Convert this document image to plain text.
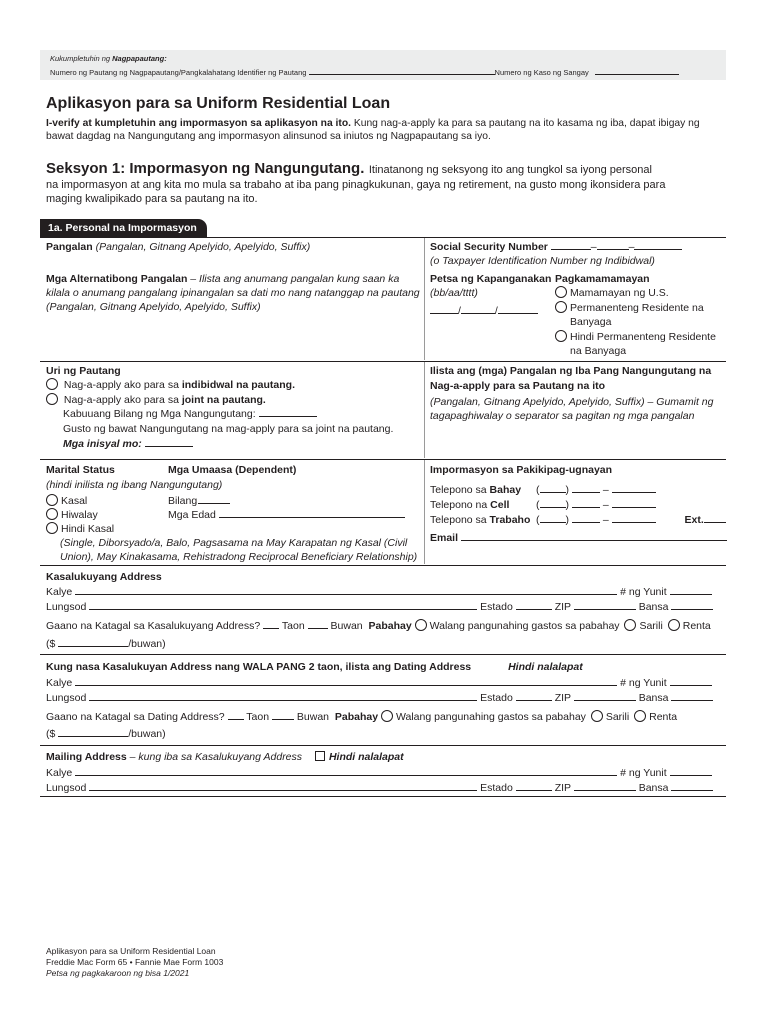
Kukumpletuhin ng Nagpapautang:
Numero ng Pautang ng Nagpapautang/Pangkalahatang Identifier ng Pautang	Numero ng Kaso ng Sangay
Aplikasyon para sa Uniform Residential Loan
I-verify at kumpletuhin ang impormasyon sa aplikasyon na ito. Kung nag-a-apply ka para sa pautang na ito kasama ng iba, dapat ibigay ng
bawat dagdag na Nangungutang ang impormasyon alinsunod sa iniutos ng Nagpapautang sa iyo.
Seksyon 1: Impormasyon ng Nangungutang. Itinatanong ng seksyong ito ang tungkol sa iyong personal
na impormasyon at ang kita mo mula sa trabaho at iba pang pinagkukunan, gaya ng retirement, na gusto mong ikonsidera para
maging kwalipikado para sa pautang na ito.
1a. Personal na Impormasyon
Pangalan (Pangalan, Gitnang Apelyido, Apelyido, Suffix)
Mga Alternatibong Pangalan – Ilista ang anumang pangalan kung saan ka
kilala o anumang pangalang ipinangalan sa dati mo nang natanggap na pautang
(Pangalan, Gitnang Apelyido, Apelyido, Suffix)
Social Security Number	–	–
(o Taxpayer Identification Number ng Indibidwal)
Petsa ng Kapanganakan
(bb/aa/tttt)
/	/
Pagkamamamayan
Mamamayan ng U.S.
Permanenteng Residente na
Banyaga
Hindi Permanenteng Residente
na Banyaga
Uri ng Pautang
Nag-a-apply ako para sa indibidwal na pautang.
Nag-a-apply ako para sa joint na pautang.
Kabuuang Bilang ng Mga Nangungutang:
Gusto ng bawat Nangungutang na mag-apply para sa joint na pautang.
Mga inisyal mo:
Ilista ang (mga) Pangalan ng Iba Pang Nangungutang na
Nag-a-apply para sa Pautang na ito
(Pangalan, Gitnang Apelyido, Apelyido, Suffix) – Gumamit ng
tagapaghiwalay o separator sa pagitan ng mga pangalan
Marital Status
(hindi inilista ng ibang Nangungutang)
Kasal
Hiwalay
Hindi Kasal
(Single, Diborsyado/a, Balo, Pagsasama na May Karapatan ng Kasal (Civil
Union), May Kinakasama, Rehistradong Reciprocal Beneficiary Relationship)
Mga Umaasa (Dependent)
Bilang
Mga Edad
Impormasyon sa Pakikipag-ugnayan
Telepono sa Bahay ( )	–
Telepono na Cell	( )	–
Telepono sa Trabaho ( )	–	Ext.
Email
Kasalukuyang Address
Kalye	# ng Yunit
Lungsod	Estado	ZIP	Bansa
Gaano na Katagal sa Kasalukuyang Address? Taon Buwan Pabahay Walang pangunahing gastos sa pabahay Sarili Renta
($	/buwan)
Kung nasa Kasalukuyan Address nang WALA PANG 2 taon, ilista ang Dating Address	Hindi nalalapat
Kalye	# ng Yunit
Lungsod	Estado	ZIP	Bansa
Gaano na Katagal sa Dating Address? Taon	Buwan Pabahay Walang pangunahing gastos sa pabahay Sarili Renta
($	/buwan)
Mailing Address – kung iba sa Kasalukuyang Address	Hindi nalalapat
Kalye	# ng Yunit
Lungsod	Estado	ZIP	Bansa
Aplikasyon para sa Uniform Residential Loan
Freddie Mac Form 65 • Fannie Mae Form 1003
Petsa ng pagkakaroon ng bisa 1/2021
